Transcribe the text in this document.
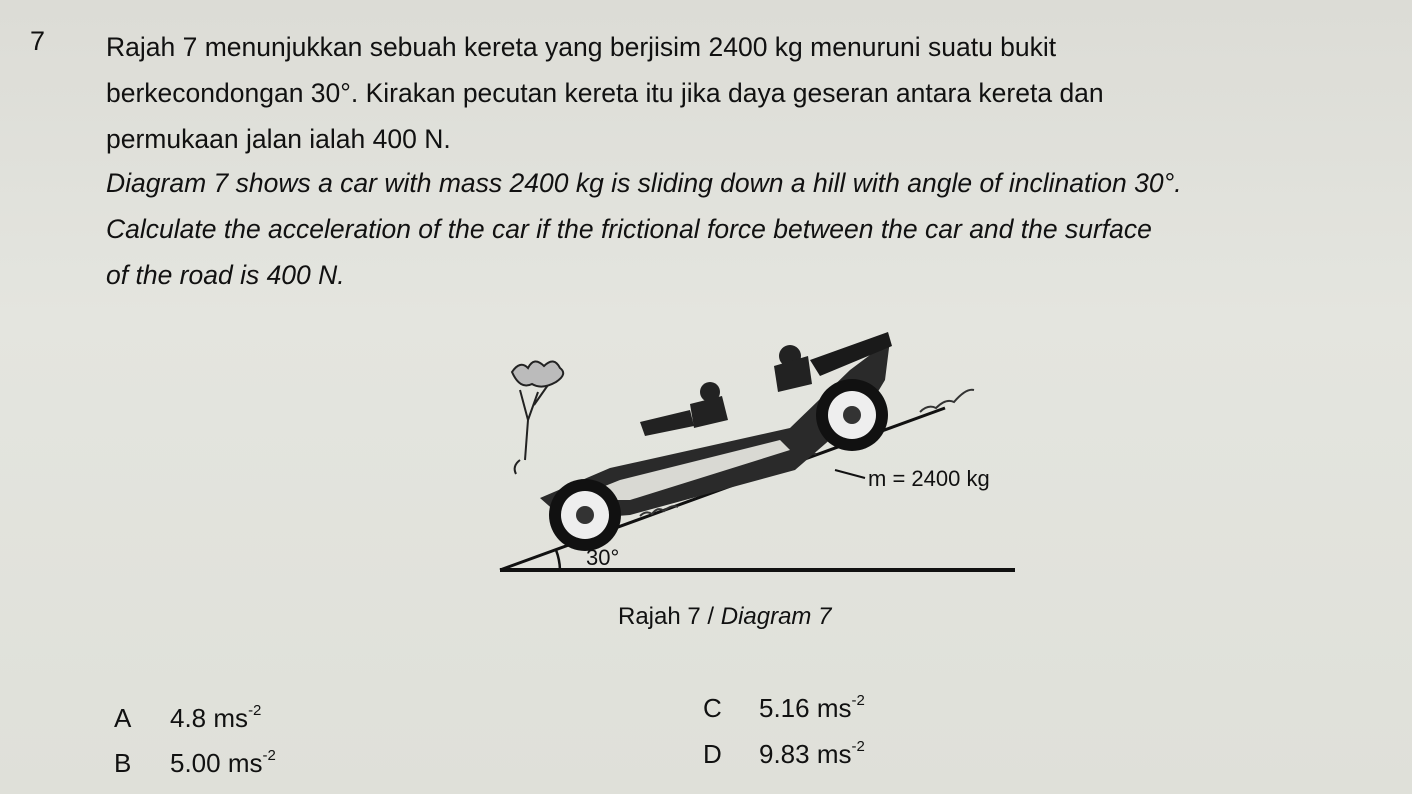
7 Rajah 7 menunjukkan sebuah kereta yang berjisim 2400 kg menuruni suatu bukit
berkecondongan 30°. Kirakan pecutan kereta itu jika daya geseran antara kereta dan
permukaan jalan ialah 400 N.
Diagram 7 shows a car with mass 2400 kg is sliding down a hill with angle of inclination 30°.
Calculate the acceleration of the car if the frictional force between the car and the surface
of the road is 400 N.
m = 2400 kg
30°
Rajah 7 / Diagram 7
A 4.8 $ms^{-2}$
B 5.00 $ms^{-2}$
C 5.16 $ms^{-2}$
D 9.83 $ms^{-2}$
